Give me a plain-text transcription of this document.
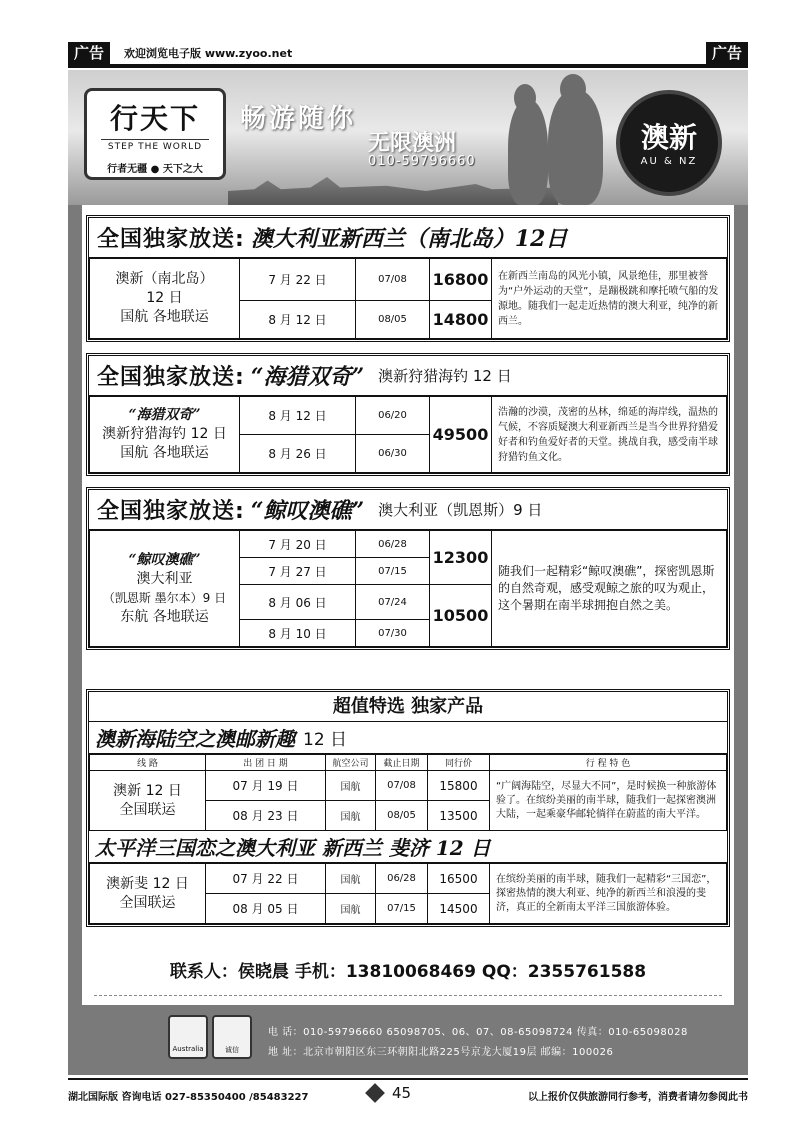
广告	欢迎浏览电子版 www.zyoo.net	广告
行天下
STEP THE WORLD
行者无疆 ● 天下之大
畅游随你
无限澳洲
010-59796660
澳新
AU & NZ
全国独家放送: 澳大利亚新西兰（南北岛）12日
澳新（南北岛）
12 日
国航 各地联运	7 月 22 日	07/08	16800	在新西兰南岛的风光小镇，风景绝佳，那里被誉为“户外运动的天堂”，是蹦极跳和摩托喷气船的发源地。随我们一起走近热情的澳大利亚，纯净的新西兰。
	8 月 12 日	08/05	14800	
全国独家放送: “海猎双奇” 澳新狩猎海钓 12 日
“海猎双奇”
澳新狩猎海钓 12 日
国航 各地联运	8 月 12 日	06/20	49500	浩瀚的沙漠，茂密的丛林，绵延的海岸线，温热的气候，不容质疑澳大利亚新西兰是当今世界狩猎爱好者和钓鱼爱好者的天堂。挑战自我，感受南半球狩猎钓鱼文化。
	8 月 26 日	06/30		
全国独家放送: “鲸叹澳礁” 澳大利亚（凯恩斯）9 日
“鲸叹澳礁”
澳大利亚
（凯恩斯 墨尔本）9 日
东航 各地联运	7 月 20 日	06/28	12300	随我们一起精彩“鲸叹澳礁”，探密凯恩斯的自然奇观，感受观鲸之旅的叹为观止，这个暑期在南半球拥抱自然之美。
	7 月 27 日	07/15		
	8 月 06 日	07/24	10500	
	8 月 10 日	07/30		
超值特选 独家产品
澳新海陆空之澳邮新趣 12 日
线 路	出 团 日 期	航空公司	截止日期	同行价	行 程 特 色

澳新 12 日
全国联运	07 月 19 日	国航	07/08	15800	“广阔海陆空，尽显大不同”，是时候换一种旅游体验了。在缤纷美丽的南半球，随我们一起探密澳洲大陆，一起乘豪华邮轮徜徉在蔚蓝的南大平洋。
	08 月 23 日	国航	08/05	13500	
太平洋三国恋之澳大利亚 新西兰 斐济 12 日
澳新斐 12 日
全国联运	07 月 22 日	国航	06/28	16500	在缤纷美丽的南半球，随我们一起精彩“三国恋”，探密热情的澳大利亚、纯净的新西兰和浪漫的斐济，真正的全新南太平洋三国旅游体验。
	08 月 05 日	国航	07/15	14500	
联系人：侯晓晨 手机：13810068469 QQ：2355761588
Australia	诚信
电 话：010-59796660 65098705、06、07、08-65098724 传真：010-65098028
地 址：北京市朝阳区东三环朝阳北路225号京龙大厦19层 邮编：100026
湖北国际版 咨询电话 027-85350400 /85483227	45	以上报价仅供旅游同行参考，消费者请勿参阅此书
